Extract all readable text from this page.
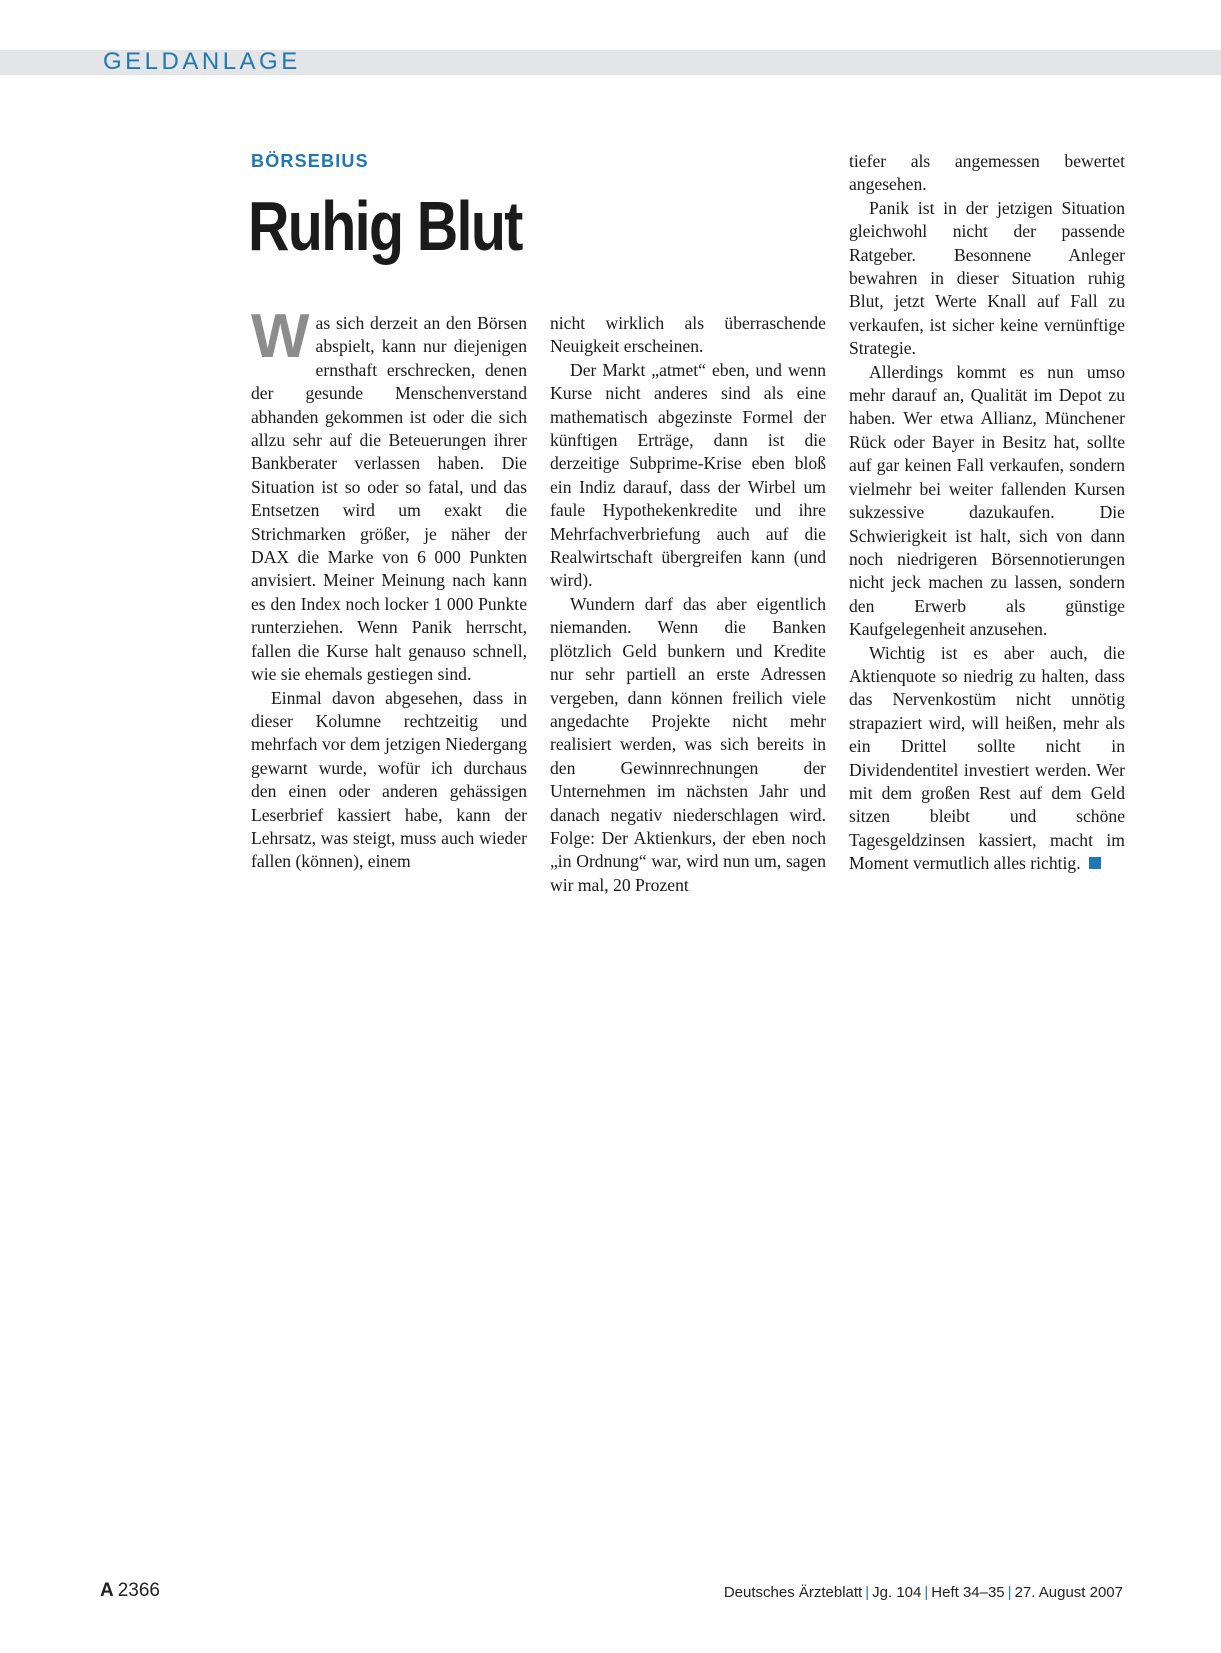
GELDANLAGE
BÖRSEBIUS
Ruhig Blut

Was sich derzeit an den Börsen abspielt, kann nur diejenigen ernsthaft erschrecken, denen der gesunde Menschenverstand abhanden gekommen ist oder die sich allzu sehr auf die Beteuerungen ihrer Bankberater verlassen haben. Die Situation ist so oder so fatal, und das Entsetzen wird um exakt die Strichmarken größer, je näher der DAX die Marke von 6 000 Punkten anvisiert. Meiner Meinung nach kann es den Index noch locker 1 000 Punkte runterziehen. Wenn Panik herrscht, fallen die Kurse halt genauso schnell, wie sie ehemals gestiegen sind.

Einmal davon abgesehen, dass in dieser Kolumne rechtzeitig und mehrfach vor dem jetzigen Niedergang gewarnt wurde, wofür ich durchaus den einen oder anderen gehässigen Leserbrief kassiert habe, kann der Lehrsatz, was steigt, muss auch wieder fallen (können), einem

nicht wirklich als überraschende Neuigkeit erscheinen.

Der Markt „atmet“ eben, und wenn Kurse nicht anderes sind als eine mathematisch abgezinste Formel der künftigen Erträge, dann ist die derzeitige Subprime-Krise eben bloß ein Indiz darauf, dass der Wirbel um faule Hypothekenkredite und ihre Mehrfachverbriefung auch auf die Realwirtschaft übergreifen kann (und wird).

Wundern darf das aber eigentlich niemanden. Wenn die Banken plötzlich Geld bunkern und Kredite nur sehr partiell an erste Adressen vergeben, dann können freilich viele angedachte Projekte nicht mehr realisiert werden, was sich bereits in den Gewinnrechnungen der Unternehmen im nächsten Jahr und danach negativ niederschlagen wird. Folge: Der Aktienkurs, der eben noch „in Ordnung“ war, wird nun um, sagen wir mal, 20 Prozent

tiefer als angemessen bewertet angesehen.

Panik ist in der jetzigen Situation gleichwohl nicht der passende Ratgeber. Besonnene Anleger bewahren in dieser Situation ruhig Blut, jetzt Werte Knall auf Fall zu verkaufen, ist sicher keine vernünftige Strategie.

Allerdings kommt es nun umso mehr darauf an, Qualität im Depot zu haben. Wer etwa Allianz, Münchener Rück oder Bayer in Besitz hat, sollte auf gar keinen Fall verkaufen, sondern vielmehr bei weiter fallenden Kursen sukzessive dazukaufen. Die Schwierigkeit ist halt, sich von dann noch niedrigeren Börsennotierungen nicht jeck machen zu lassen, sondern den Erwerb als günstige Kaufgelegenheit anzusehen.

Wichtig ist es aber auch, die Aktienquote so niedrig zu halten, dass das Nervenkostüm nicht unnötig strapaziert wird, will heißen, mehr als ein Drittel sollte nicht in Dividendentitel investiert werden. Wer mit dem großen Rest auf dem Geld sitzen bleibt und schöne Tagesgeldzinsen kassiert, macht im Moment vermutlich alles richtig.

A 2366	Deutsches Ärzteblatt | Jg. 104 | Heft 34–35 | 27. August 2007
